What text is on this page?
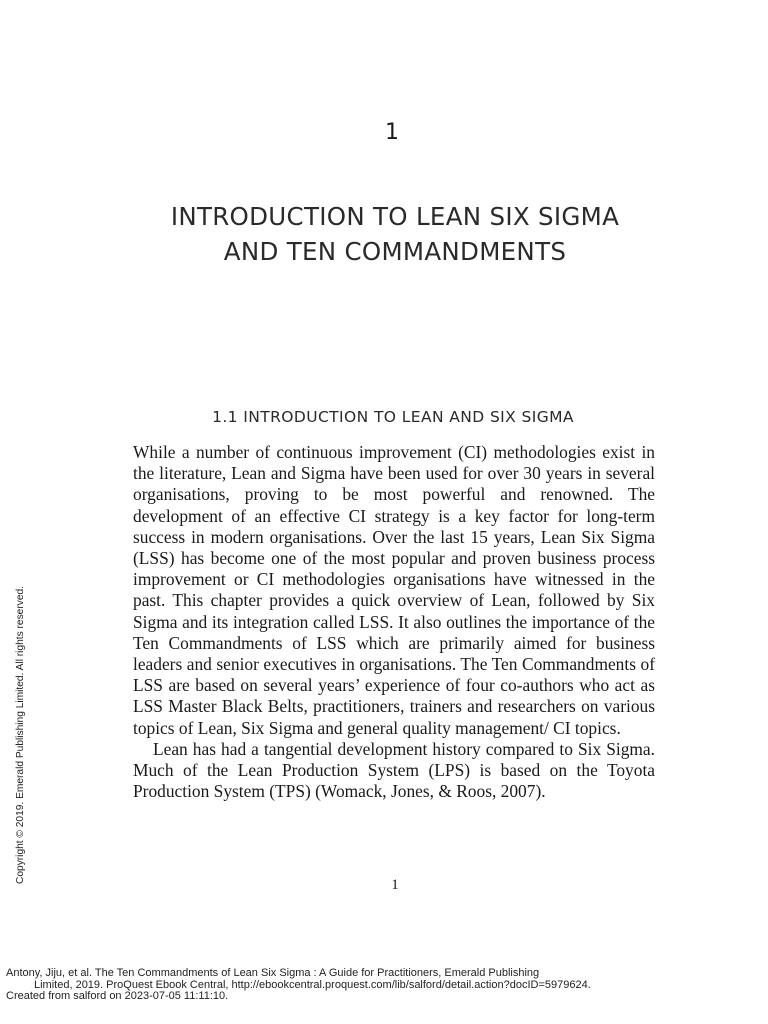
1
INTRODUCTION TO LEAN SIX SIGMA AND TEN COMMANDMENTS
1.1 INTRODUCTION TO LEAN AND SIX SIGMA

While a number of continuous improvement (CI) methodologies exist in the literature, Lean and Sigma have been used for over 30 years in several organisations, proving to be most powerful and renowned. The development of an effective CI strategy is a key factor for long-term success in modern organisations. Over the last 15 years, Lean Six Sigma (LSS) has become one of the most popular and proven business process improvement or CI methodologies organisations have witnessed in the past. This chapter provides a quick overview of Lean, followed by Six Sigma and its integration called LSS. It also outlines the importance of the Ten Commandments of LSS which are primarily aimed for business leaders and senior executives in organisations. The Ten Commandments of LSS are based on several years’ experience of four co-authors who act as LSS Master Black Belts, practitioners, trainers and researchers on various topics of Lean, Six Sigma and general quality management/ CI topics.

Lean has had a tangential development history compared to Six Sigma. Much of the Lean Production System (LPS) is based on the Toyota Production System (TPS) (Womack, Jones, & Roos, 2007).

1
Copyright © 2019. Emerald Publishing Limited. All rights reserved.
Antony, Jiju, et al. The Ten Commandments of Lean Six Sigma : A Guide for Practitioners, Emerald Publishing
Limited, 2019. ProQuest Ebook Central, http://ebookcentral.proquest.com/lib/salford/detail.action?docID=5979624.
Created from salford on 2023-07-05 11:11:10.
